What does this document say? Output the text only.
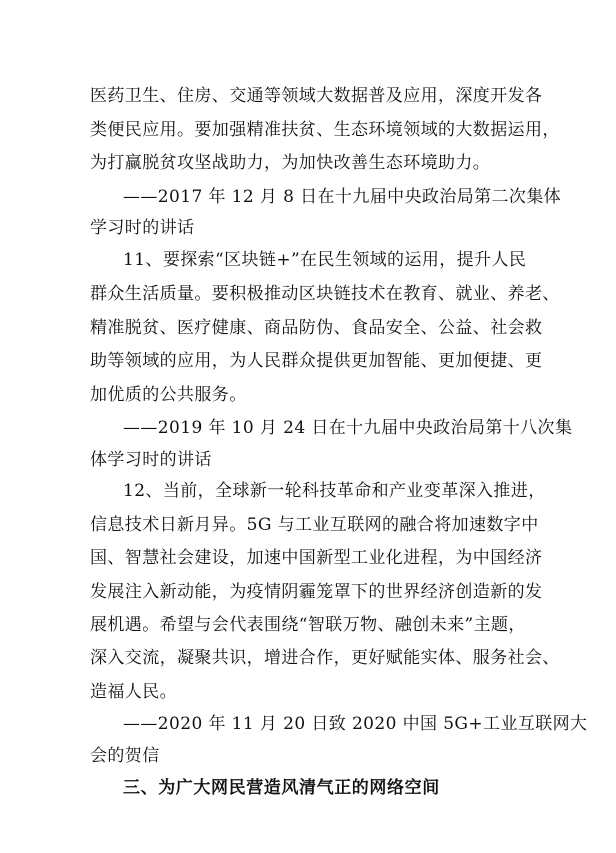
医药卫生、住房、交通等领域大数据普及应用，深度开发各
类便民应用。要加强精准扶贫、生态环境领域的大数据运用，
为打赢脱贫攻坚战助力，为加快改善生态环境助力。
——2017 年 12 月 8 日在十九届中央政治局第二次集体
学习时的讲话
11、要探索“区块链+”在民生领域的运用，提升人民
群众生活质量。要积极推动区块链技术在教育、就业、养老、
精准脱贫、医疗健康、商品防伪、食品安全、公益、社会救
助等领域的应用，为人民群众提供更加智能、更加便捷、更
加优质的公共服务。
——2019 年 10 月 24 日在十九届中央政治局第十八次集
体学习时的讲话
12、当前，全球新一轮科技革命和产业变革深入推进，
信息技术日新月异。5G 与工业互联网的融合将加速数字中
国、智慧社会建设，加速中国新型工业化进程，为中国经济
发展注入新动能，为疫情阴霾笼罩下的世界经济创造新的发
展机遇。希望与会代表围绕“智联万物、融创未来”主题，
深入交流，凝聚共识，增进合作，更好赋能实体、服务社会、
造福人民。
——2020 年 11 月 20 日致 2020 中国 5G+工业互联网大
会的贺信
三、为广大网民营造风清气正的网络空间
